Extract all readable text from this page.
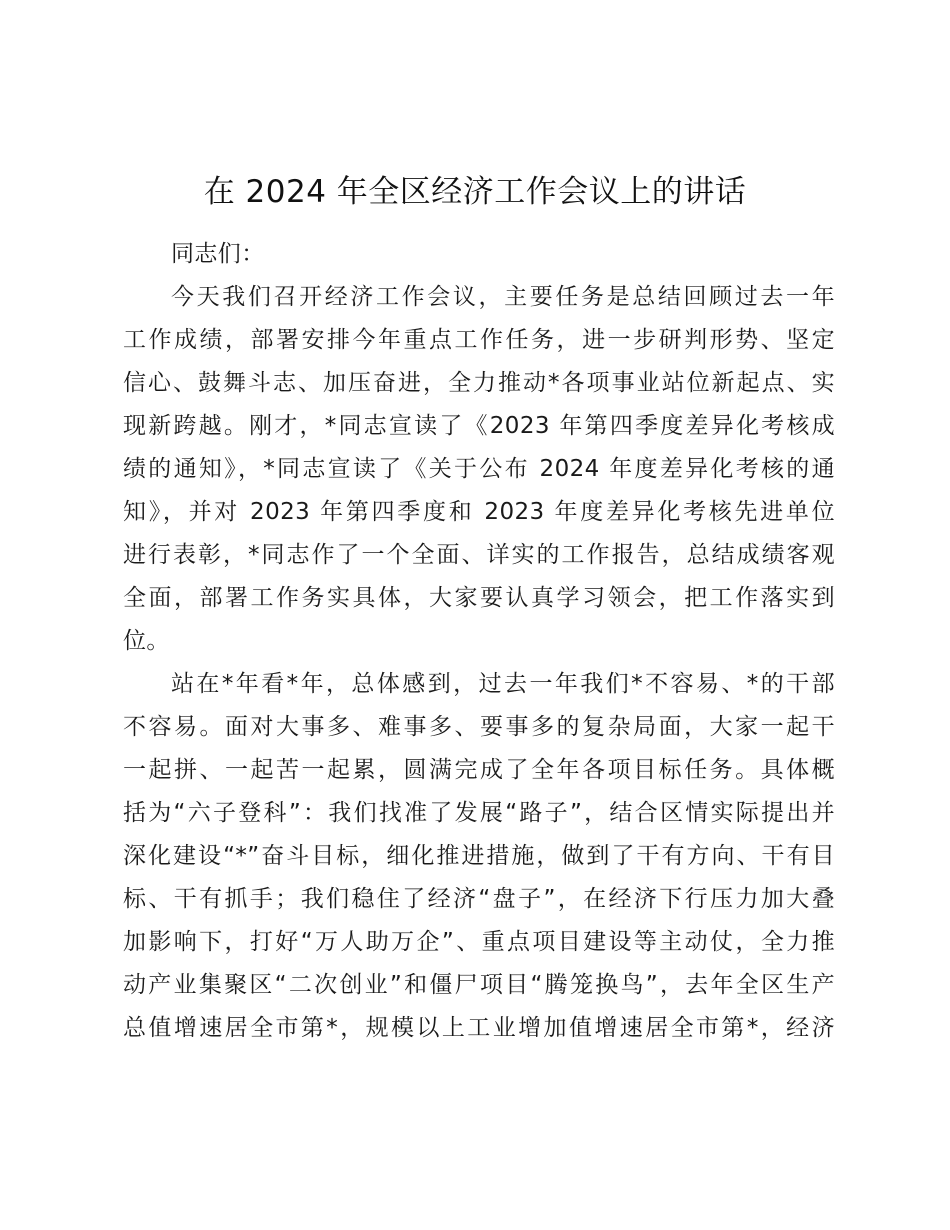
在 2024 年全区经济工作会议上的讲话
同志们：
今天我们召开经济工作会议，主要任务是总结回顾过去一年
工作成绩，部署安排今年重点工作任务，进一步研判形势、坚定
信心、鼓舞斗志、加压奋进，全力推动*各项事业站位新起点、实
现新跨越。刚才，*同志宣读了《2023 年第四季度差异化考核成
绩的通知》，*同志宣读了《关于公布 2024 年度差异化考核的通
知》，并对 2023 年第四季度和 2023 年度差异化考核先进单位
进行表彰，*同志作了一个全面、详实的工作报告，总结成绩客观
全面，部署工作务实具体，大家要认真学习领会，把工作落实到
位。
站在*年看*年，总体感到，过去一年我们*不容易、*的干部
不容易。面对大事多、难事多、要事多的复杂局面，大家一起干
一起拼、一起苦一起累，圆满完成了全年各项目标任务。具体概
括为“六子登科”：我们找准了发展“路子”，结合区情实际提出并
深化建设“*”奋斗目标，细化推进措施，做到了干有方向、干有目
标、干有抓手；我们稳住了经济“盘子”，在经济下行压力加大叠
加影响下，打好“万人助万企”、重点项目建设等主动仗，全力推
动产业集聚区“二次创业”和僵尸项目“腾笼换鸟”，去年全区生产
总值增速居全市第*，规模以上工业增加值增速居全市第*，经济
